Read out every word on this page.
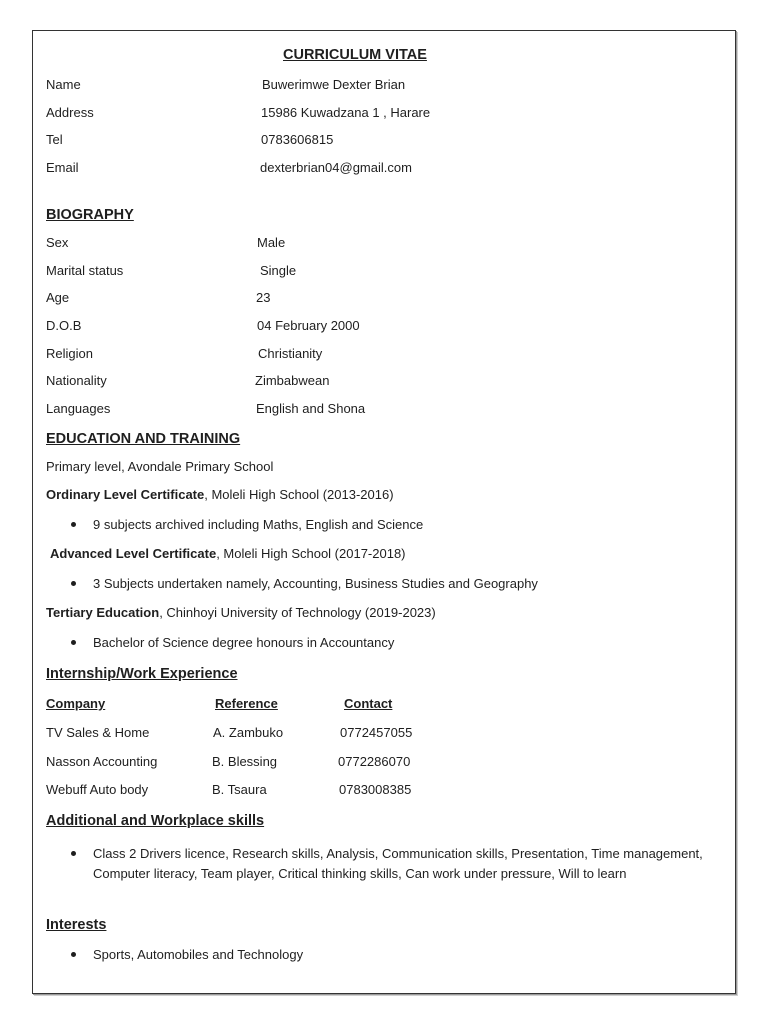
CURRICULUM VITAE
Name	Buwerimwe Dexter Brian
Address	15986 Kuwadzana 1 , Harare
Tel	0783606815
Email	dexterbrian04@gmail.com
BIOGRAPHY
Sex	Male
Marital status	Single
Age	23
D.O.B	04 February 2000
Religion	Christianity
Nationality	Zimbabwean
Languages	English and Shona
EDUCATION AND TRAINING
Primary level, Avondale Primary School
Ordinary Level Certificate, Moleli High School (2013-2016)
9 subjects archived including Maths, English and Science
Advanced Level Certificate, Moleli High School (2017-2018)
3 Subjects undertaken namely, Accounting, Business Studies and Geography
Tertiary Education, Chinhoyi University of Technology (2019-2023)
Bachelor of Science degree honours in Accountancy
Internship/Work Experience
Company	Reference	Contact
TV Sales & Home	A. Zambuko	0772457055
Nasson Accounting	B. Blessing	0772286070
Webuff Auto body	B. Tsaura	0783008385
Additional and Workplace skills
Class 2 Drivers licence, Research skills, Analysis, Communication skills, Presentation, Time management, Computer literacy, Team player, Critical thinking skills, Can work under pressure, Will to learn
Interests
Sports, Automobiles and Technology
